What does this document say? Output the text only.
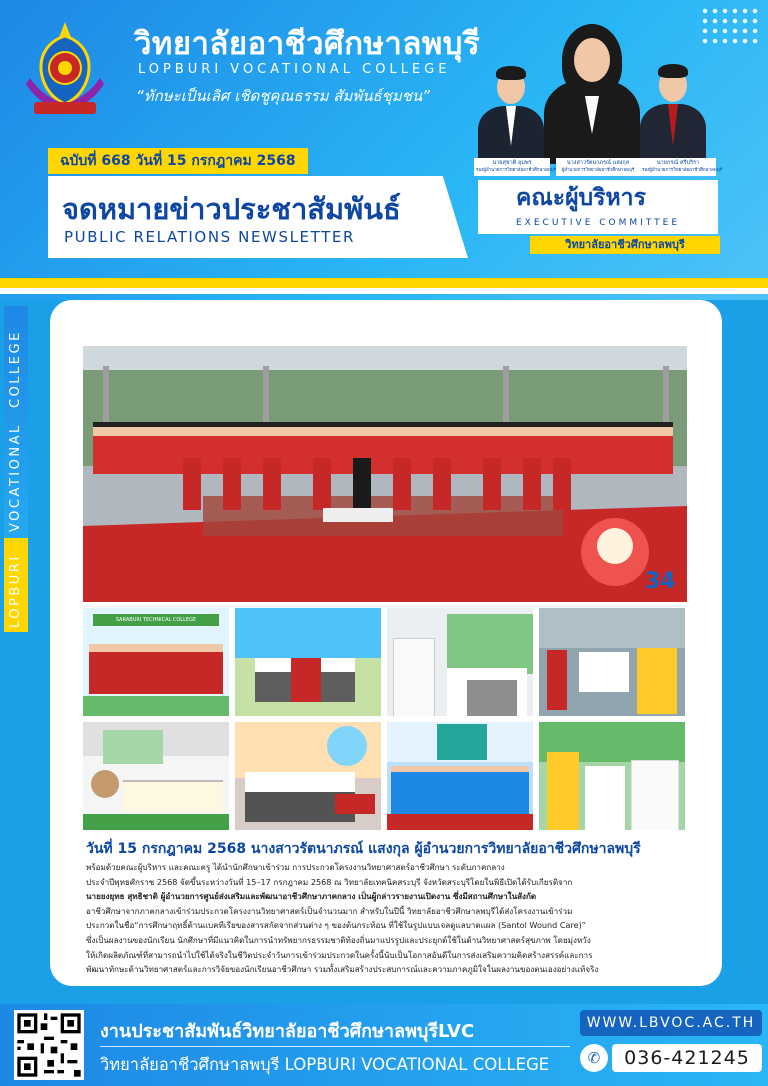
วิทยาลัยอาชีวศึกษาลพบุรี
LOPBURI VOCATIONAL COLLEGE
“ทักษะเป็นเลิศ เชิดชูคุณธรรม สัมพันธ์ชุมชน”
ฉบับที่ 668 วันที่ 15 กรกฎาคม 2568
จดหมายข่าวประชาสัมพันธ์
PUBLIC RELATIONS NEWSLETTER
นายสุชาติ อุมพร
รองผู้อำนวยการวิทยาลัยอาชีวศึกษาลพบุรี
นางสาวรัตนาภรณ์ แสงกุล
ผู้อำนวยการวิทยาลัยอาชีวศึกษาลพบุรี
นายกรณ์ ศรีบริรา
รองผู้อำนวยการวิทยาลัยอาชีวศึกษาลพบุรี
คณะผู้บริหาร
EXECUTIVE COMMITTEE
วิทยาลัยอาชีวศึกษาลพบุรี
LOPBURI
VOCATIONAL
COLLEGE
34
SARABURI TECHNICAL COLLEGE
วันที่ 15 กรกฎาคม 2568 นางสาวรัตนาภรณ์ แสงกุล ผู้อำนวยการวิทยาลัยอาชีวศึกษาลพบุรี
พร้อมด้วยคณะผู้บริหาร และคณะครู ได้นำนักศึกษาเข้าร่วม การประกวดโครงงานวิทยาศาสตร์อาชีวศึกษา ระดับภาคกลาง
ประจำปีพุทธศักราช 2568 จัดขึ้นระหว่างวันที่ 15–17 กรกฎาคม 2568 ณ วิทยาลัยเทคนิคสระบุรี จังหวัดสระบุรีโดยในพิธีเปิดได้รับเกียรติจาก
นายยงยุทธ สุทธิชาติ ผู้อำนวยการศูนย์ส่งเสริมและพัฒนาอาชีวศึกษาภาคกลาง เป็นผู้กล่าวรายงานเปิดงาน ซึ่งมีสถานศึกษาในสังกัด
อาชีวศึกษาจากภาคกลางเข้าร่วมประกวดโครงงานวิทยาศาสตร์เป็นจำนวนมาก สำหรับในปีนี้ วิทยาลัยอาชีวศึกษาลพบุรีได้ส่งโครงงานเข้าร่วม
ประกวดในชื่อ“การศึกษาฤทธิ์ต้านแบคทีเรียของสารสกัดจากส่วนต่าง ๆ ของต้นกระท้อน ที่ใช้ในรูปแบบเจลดูแลบาดแผล (Santol Wound Care)”
ซึ่งเป็นผลงานของนักเรียน นักศึกษาที่มีแนวคิดในการนำทรัพยากรธรรมชาติท้องถิ่นมาแปรรูปและประยุกต์ใช้ในด้านวิทยาศาสตร์สุขภาพ โดยมุ่งหวัง
ให้เกิดผลิตภัณฑ์ที่สามารถนำไปใช้ได้จริงในชีวิตประจำวันการเข้าร่วมประกวดในครั้งนี้นับเป็นโอกาสอันดีในการส่งเสริมความคิดสร้างสรรค์และการ
พัฒนาทักษะด้านวิทยาศาสตร์และการวิจัยของนักเรียนอาชีวศึกษา รวมทั้งเสริมสร้างประสบการณ์และความภาคภูมิใจในผลงานของตนเองอย่างแท้จริง
งานประชาสัมพันธ์วิทยาลัยอาชีวศึกษาลพบุรีLVC
วิทยาลัยอาชีวศึกษาลพบุรี LOPBURI VOCATIONAL COLLEGE
WWW.LBVOC.AC.TH
✆	036-421245
